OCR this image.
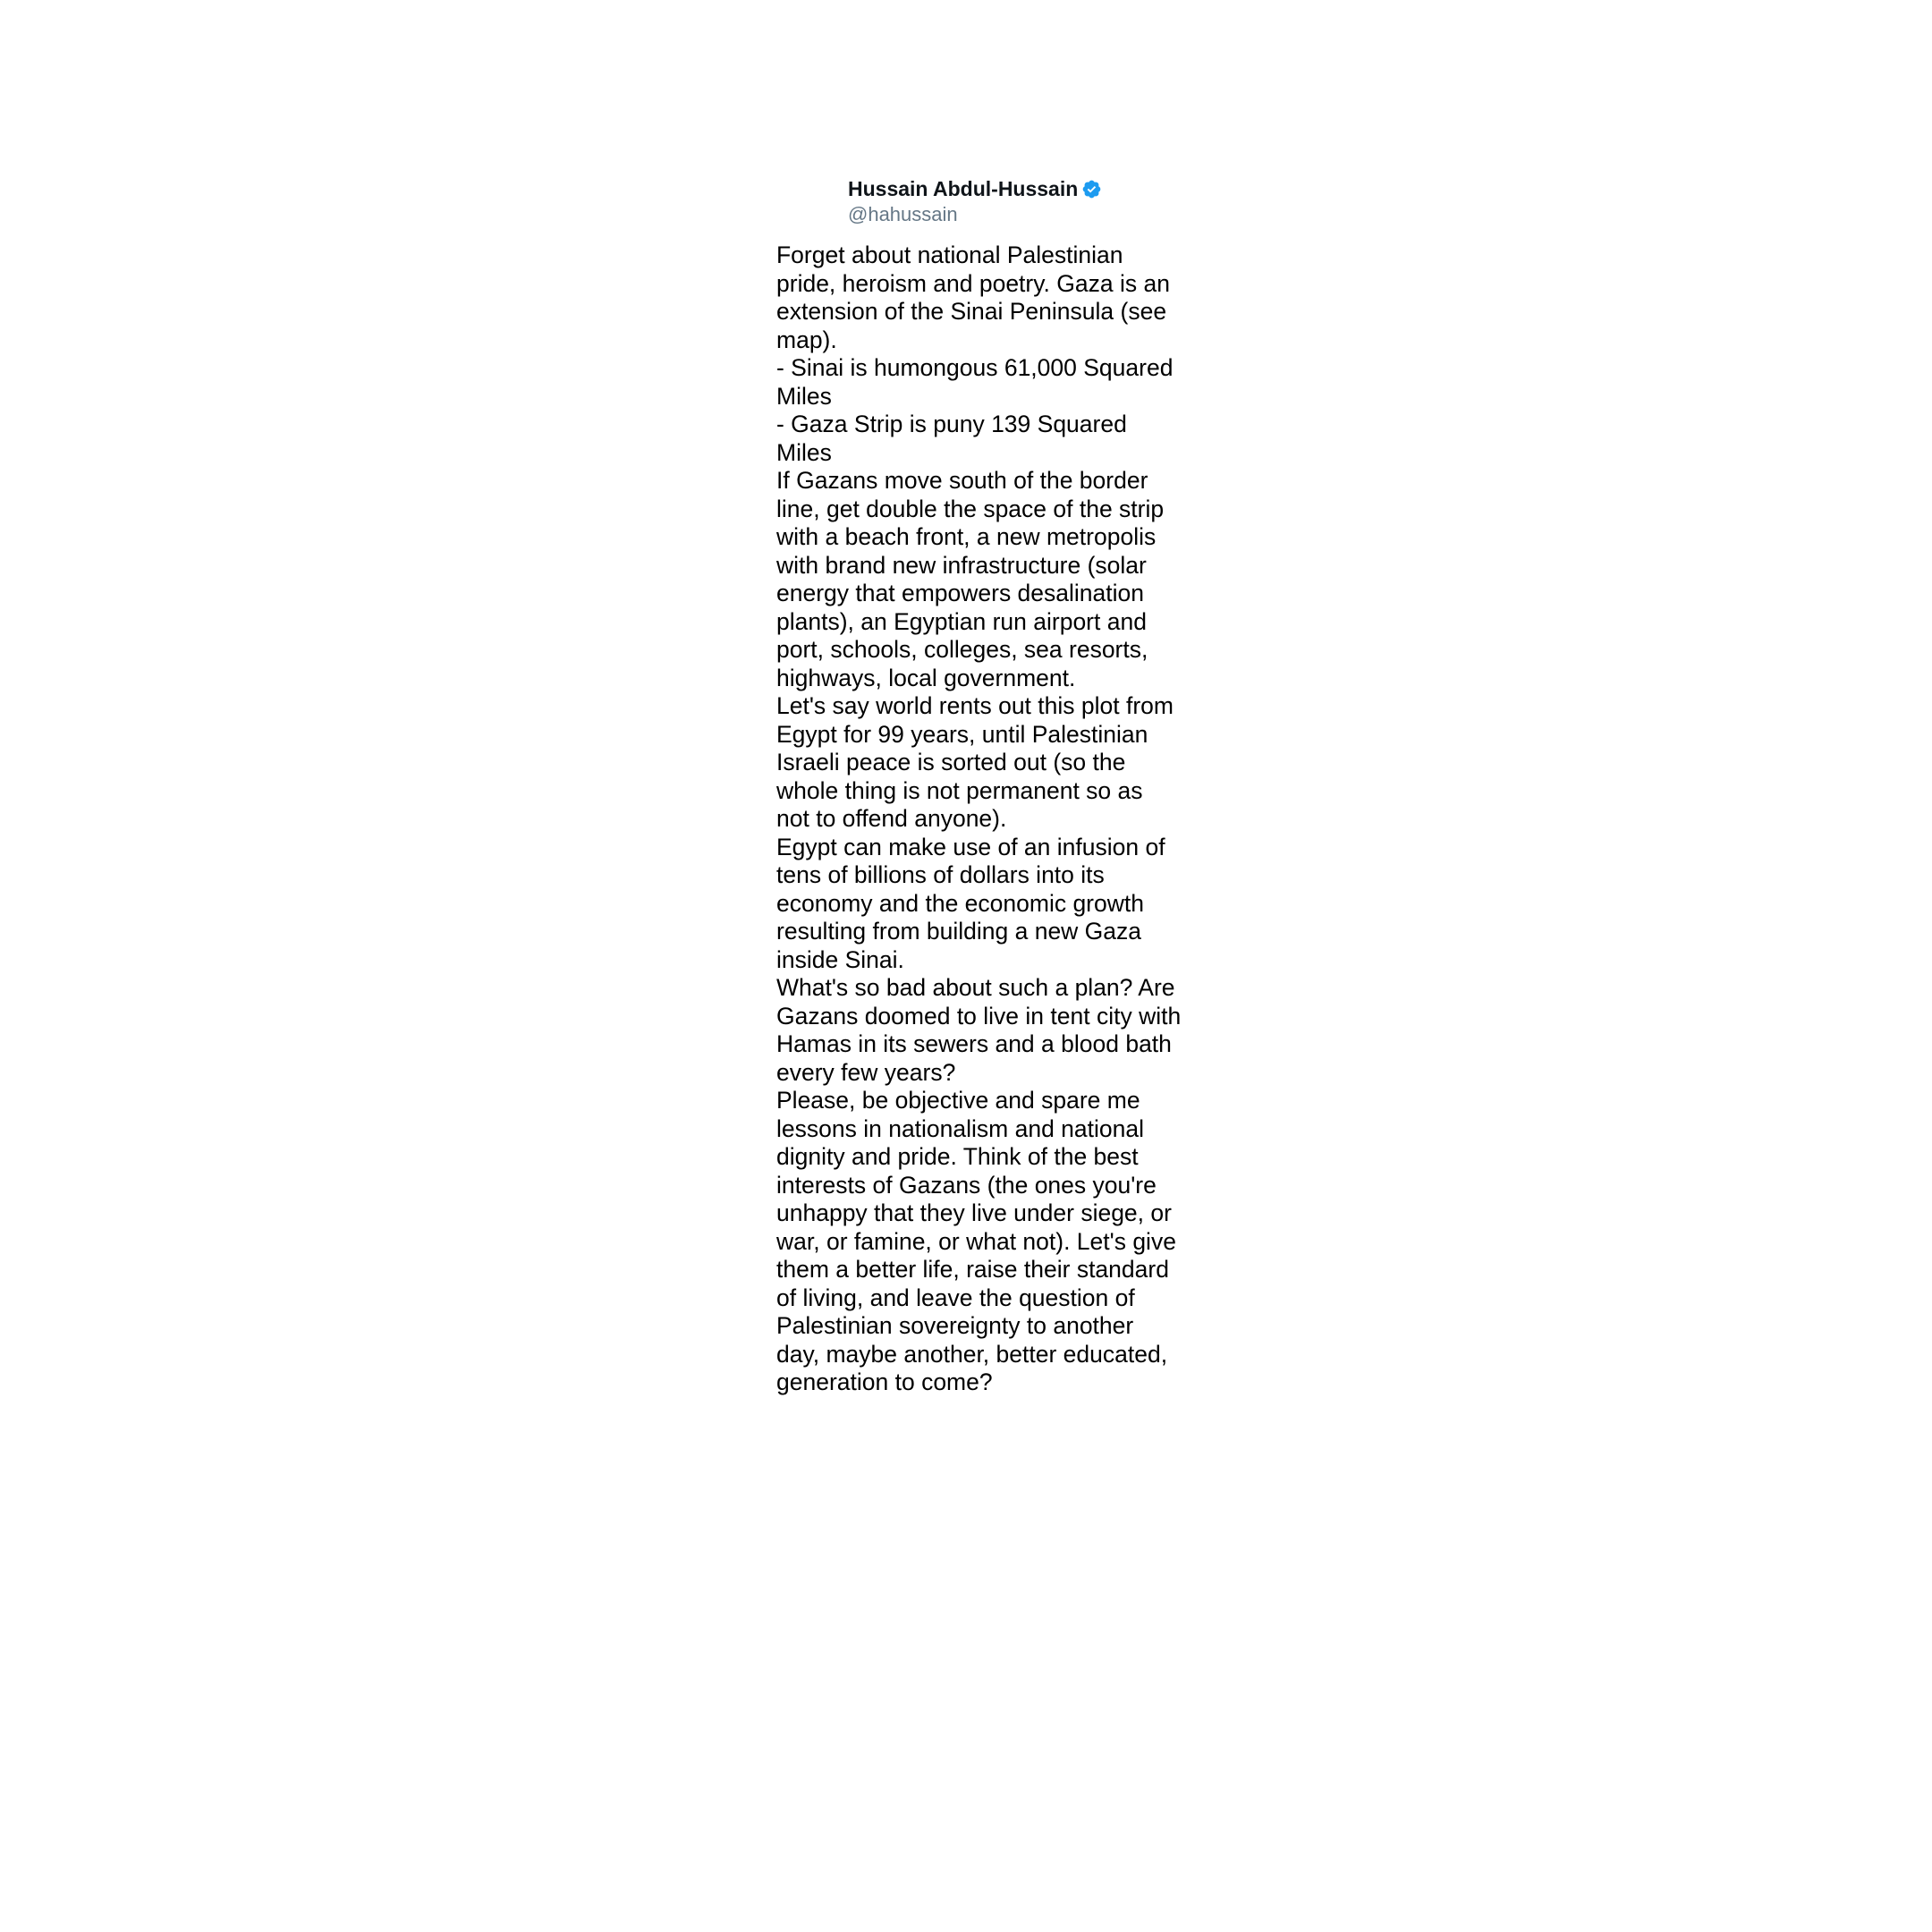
Hussain Abdul-Hussain
@hahussain
Forget about national Palestinian
pride, heroism and poetry. Gaza is an
extension of the Sinai Peninsula (see
map).
- Sinai is humongous 61,000 Squared
Miles
- Gaza Strip is puny 139 Squared
Miles
If Gazans move south of the border
line, get double the space of the strip
with a beach front, a new metropolis
with brand new infrastructure (solar
energy that empowers desalination
plants), an Egyptian run airport and
port, schools, colleges, sea resorts,
highways, local government.
Let's say world rents out this plot from
Egypt for 99 years, until Palestinian
Israeli peace is sorted out (so the
whole thing is not permanent so as
not to offend anyone).
Egypt can make use of an infusion of
tens of billions of dollars into its
economy and the economic growth
resulting from building a new Gaza
inside Sinai.
What's so bad about such a plan? Are
Gazans doomed to live in tent city with
Hamas in its sewers and a blood bath
every few years?
Please, be objective and spare me
lessons in nationalism and national
dignity and pride. Think of the best
interests of Gazans (the ones you're
unhappy that they live under siege, or
war, or famine, or what not). Let's give
them a better life, raise their standard
of living, and leave the question of
Palestinian sovereignty to another
day, maybe another, better educated,
generation to come?
